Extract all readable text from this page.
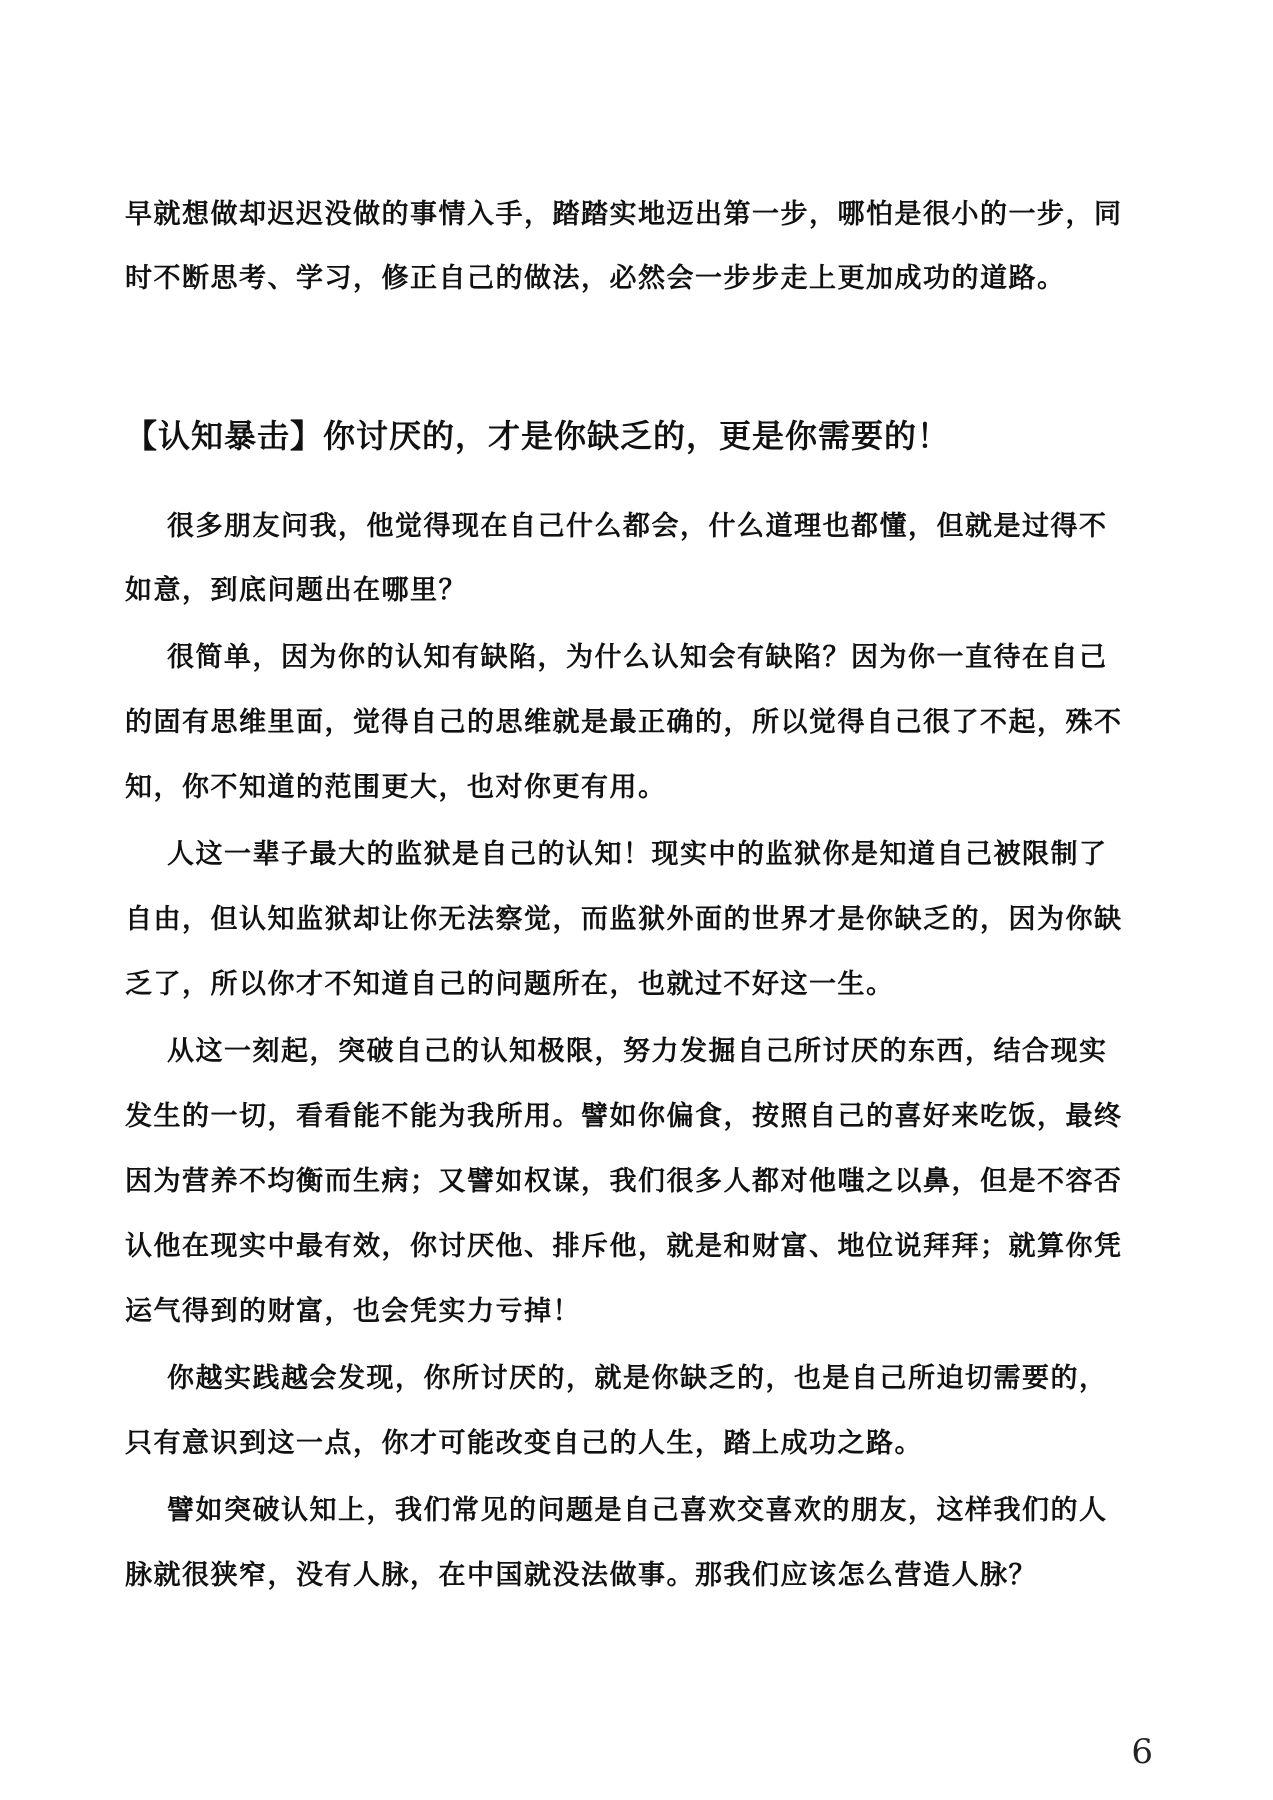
早就想做却迟迟没做的事情入手，踏踏实地迈出第一步，哪怕是很小的一步，同
时不断思考、学习，修正自己的做法，必然会一步步走上更加成功的道路。
【认知暴击】你讨厌的，才是你缺乏的，更是你需要的！
很多朋友问我，他觉得现在自己什么都会，什么道理也都懂，但就是过得不
如意，到底问题出在哪里？
很简单，因为你的认知有缺陷，为什么认知会有缺陷？因为你一直待在自己
的固有思维里面，觉得自己的思维就是最正确的，所以觉得自己很了不起，殊不
知，你不知道的范围更大，也对你更有用。
人这一辈子最大的监狱是自己的认知！现实中的监狱你是知道自己被限制了
自由，但认知监狱却让你无法察觉，而监狱外面的世界才是你缺乏的，因为你缺
乏了，所以你才不知道自己的问题所在，也就过不好这一生。
从这一刻起，突破自己的认知极限，努力发掘自己所讨厌的东西，结合现实
发生的一切，看看能不能为我所用。譬如你偏食，按照自己的喜好来吃饭，最终
因为营养不均衡而生病；又譬如权谋，我们很多人都对他嗤之以鼻，但是不容否
认他在现实中最有效，你讨厌他、排斥他，就是和财富、地位说拜拜；就算你凭
运气得到的财富，也会凭实力亏掉！
你越实践越会发现，你所讨厌的，就是你缺乏的，也是自己所迫切需要的，
只有意识到这一点，你才可能改变自己的人生，踏上成功之路。
譬如突破认知上，我们常见的问题是自己喜欢交喜欢的朋友，这样我们的人
脉就很狭窄，没有人脉，在中国就没法做事。那我们应该怎么营造人脉？
6
